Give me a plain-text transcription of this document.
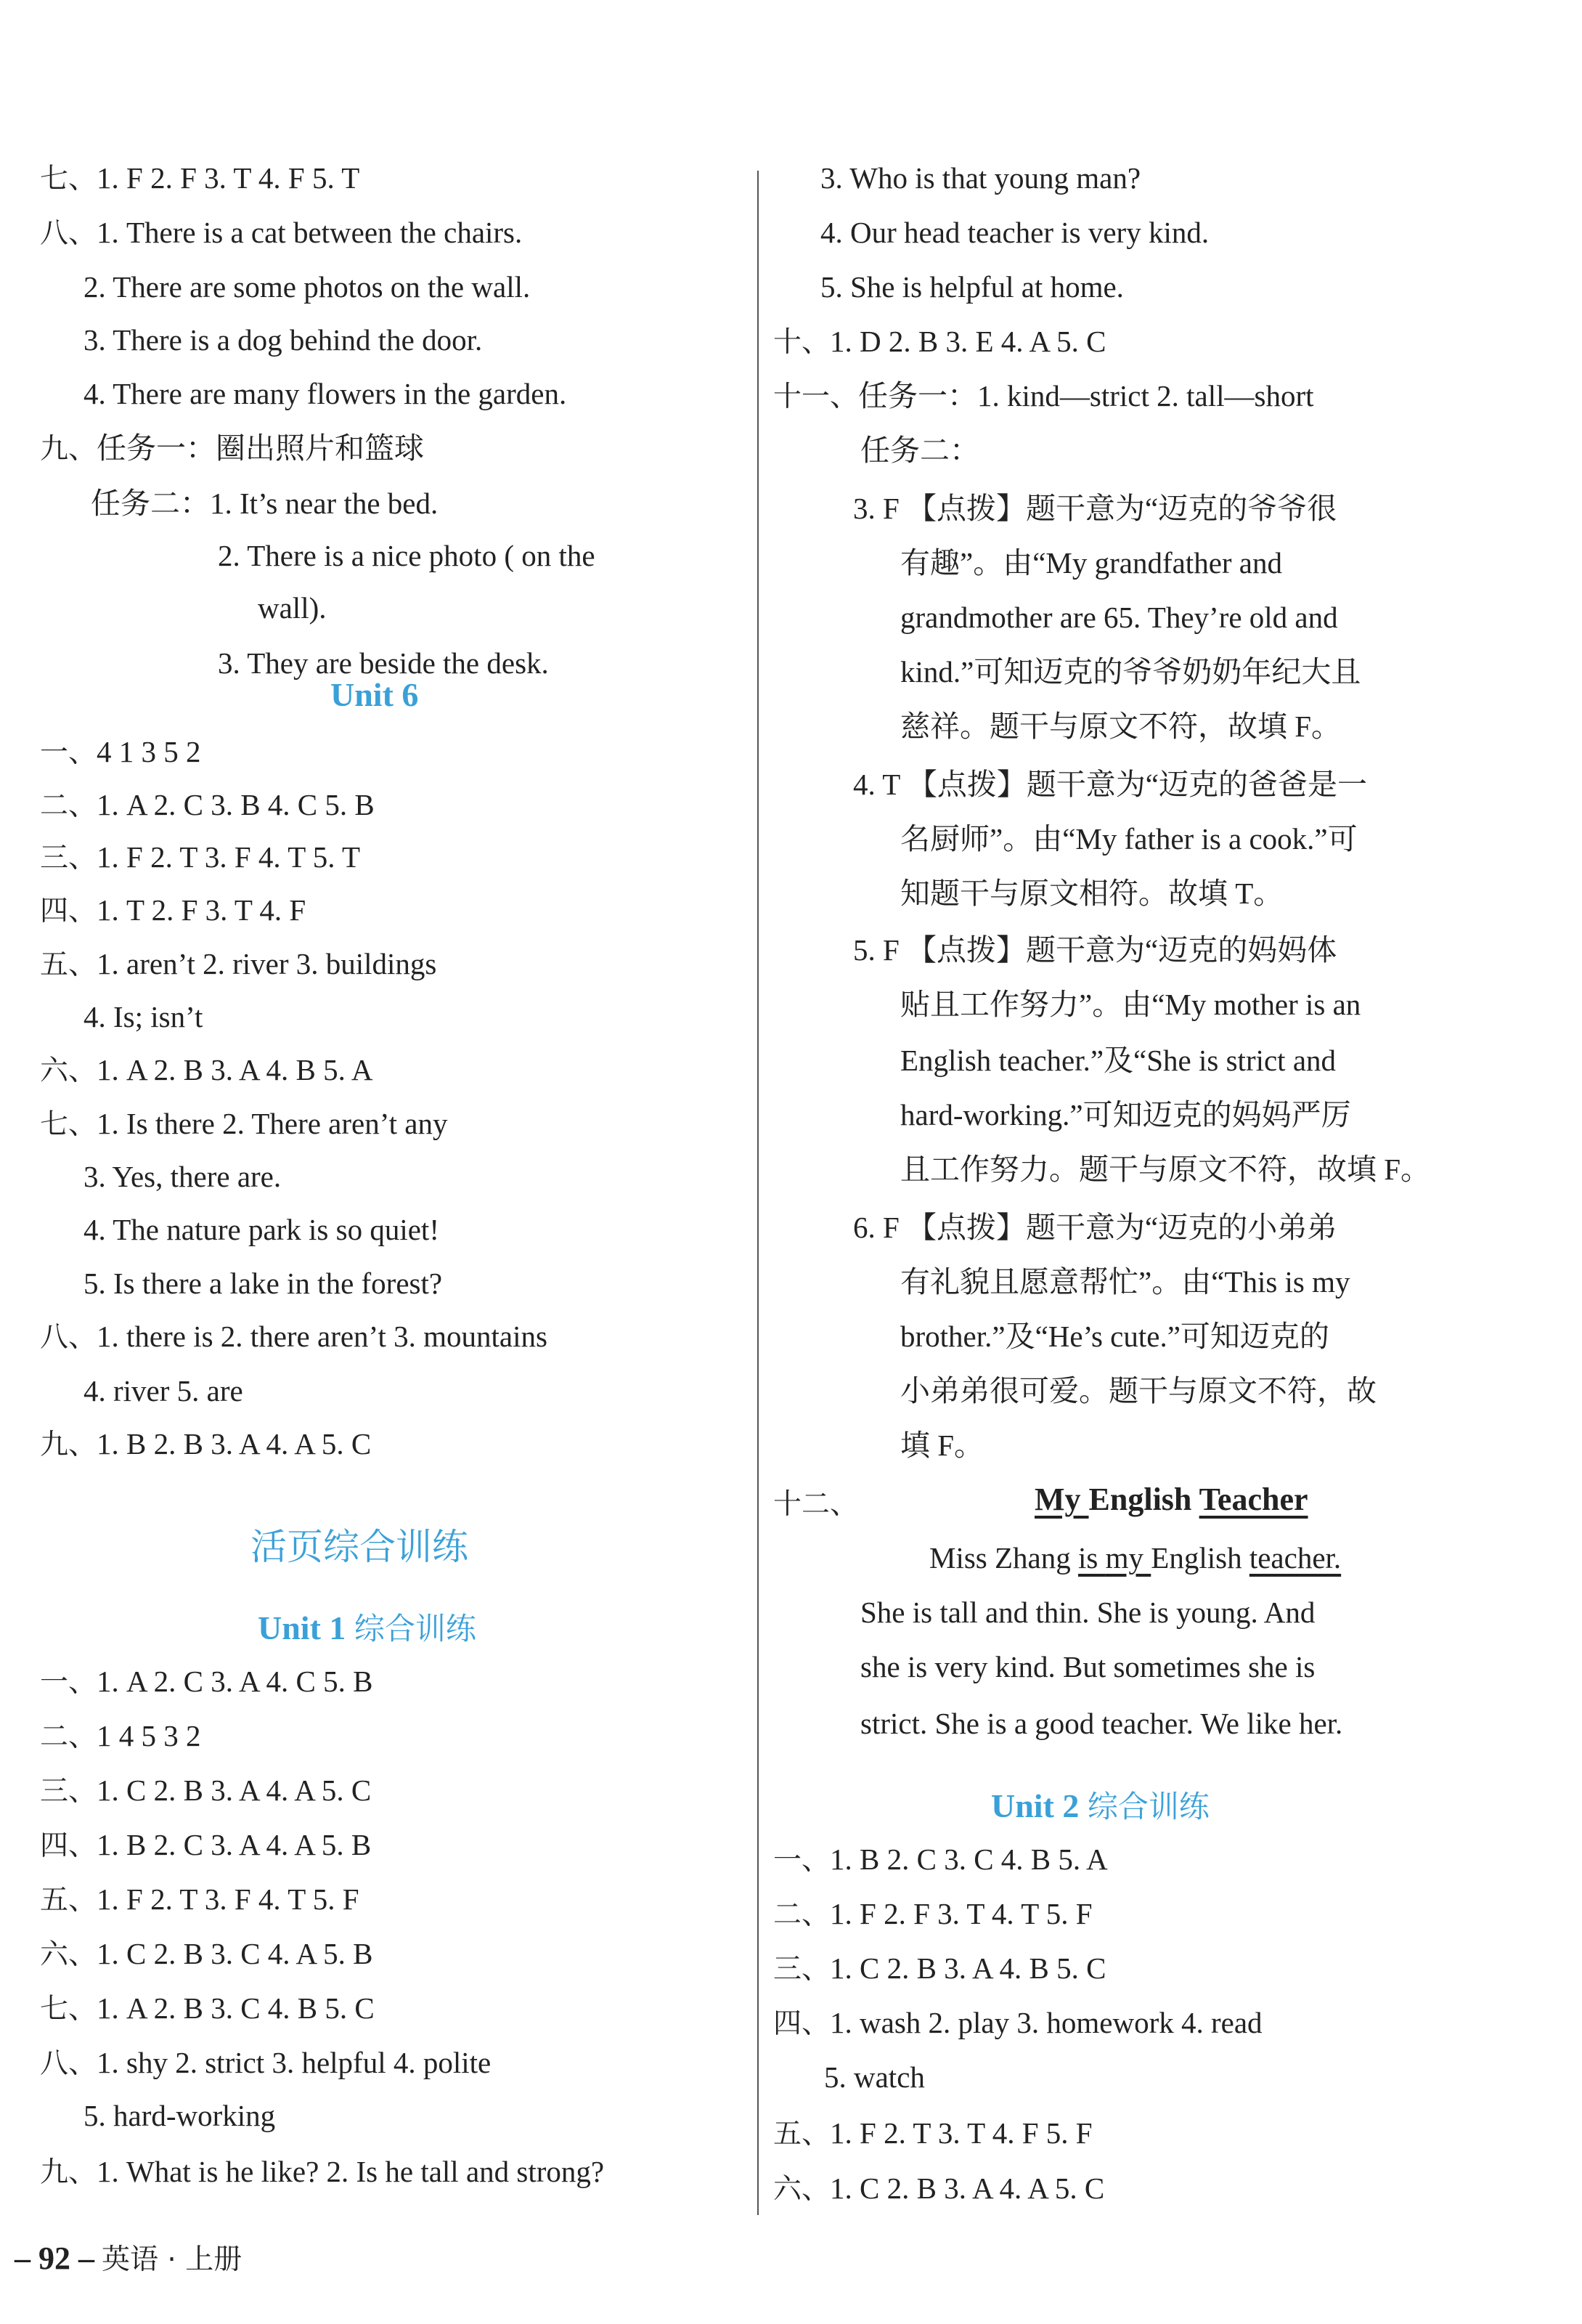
七、1. F 2. F 3. T 4. F 5. T
八、1. There is a cat between the chairs.
2. There are some photos on the wall.
3. There is a dog behind the door.
4. There are many flowers in the garden.
九、任务一：圈出照片和篮球
任务二：1. It’s near the bed.
2. There is a nice photo ( on the
wall).
3. They are beside the desk.
一、4 1 3 5 2
二、1. A 2. C 3. B 4. C 5. B
三、1. F 2. T 3. F 4. T 5. T
四、1. T 2. F 3. T 4. F
五、1. aren’t 2. river 3. buildings
4. Is; isn’t
六、1. A 2. B 3. A 4. B 5. A
七、1. Is there 2. There aren’t any
3. Yes, there are.
4. The nature park is so quiet!
5. Is there a lake in the forest?
八、1. there is 2. there aren’t 3. mountains
4. river 5. are
九、1. B 2. B 3. A 4. A 5. C
一、1. A 2. C 3. A 4. C 5. B
二、1 4 5 3 2
三、1. C 2. B 3. A 4. A 5. C
四、1. B 2. C 3. A 4. A 5. B
五、1. F 2. T 3. F 4. T 5. F
六、1. C 2. B 3. C 4. A 5. B
七、1. A 2. B 3. C 4. B 5. C
八、1. shy 2. strict 3. helpful 4. polite
5. hard-working
九、1. What is he like? 2. Is he tall and strong?
Unit 6
活页综合训练
Unit 1 综合训练
3. Who is that young man?
4. Our head teacher is very kind.
5. She is helpful at home.
十、1. D 2. B 3. E 4. A 5. C
十一、任务一：1. kind—strict 2. tall—short
任务二：
3. F 【点拨】题干意为“迈克的爷爷很
有趣”。由“My grandfather and
grandmother are 65. They’re old and
kind.”可知迈克的爷爷奶奶年纪大且
慈祥。题干与原文不符，故填 F。
4. T 【点拨】题干意为“迈克的爸爸是一
名厨师”。由“My father is a cook.”可
知题干与原文相符。故填 T。
5. F 【点拨】题干意为“迈克的妈妈体
贴且工作努力”。由“My mother is an
English teacher.”及“She is strict and
hard-working.”可知迈克的妈妈严厉
且工作努力。题干与原文不符，故填 F。
6. F 【点拨】题干意为“迈克的小弟弟
有礼貌且愿意帮忙”。由“This is my
brother.”及“He’s cute.”可知迈克的
小弟弟很可爱。题干与原文不符，故
填 F。
十二、
Miss Zhang is my English teacher.
She is tall and thin. She is young. And
she is very kind. But sometimes she is
strict. She is a good teacher. We like her.
一、1. B 2. C 3. C 4. B 5. A
二、1. F 2. F 3. T 4. T 5. F
三、1. C 2. B 3. A 4. B 5. C
四、1. wash 2. play 3. homework 4. read
5. watch
五、1. F 2. T 3. T 4. F 5. F
六、1. C 2. B 3. A 4. A 5. C
My English Teacher
Unit 2 综合训练
– 92 – 英语 · 上册
